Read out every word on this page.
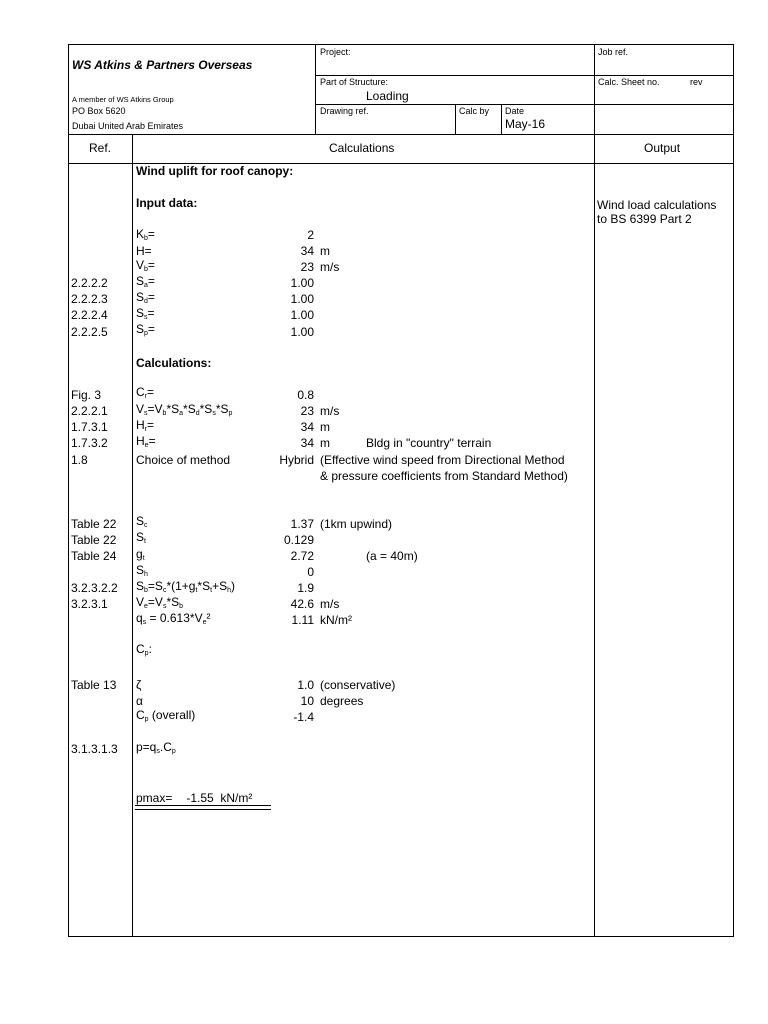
WS Atkins & Partners Overseas
A member of WS Atkins Group
PO Box 5620
Dubai United Arab Emirates
Project:	Job ref.
Part of Structure:
Loading
Calc. Sheet no.	rev
Drawing ref.	Calc by Date
May-16
Ref.	Calculations	Output
Wind uplift for roof canopy:
Input data:	Wind load calculations
to BS 6399 Part 2
$K_b=$	2
H=	34 m
$V_b=$	23 m/s
2.2.2.2 $S_a=$	1.00
2.2.2.3 $S_d=$	1.00
2.2.2.4 $S_s=$	1.00
2.2.2.5 $S_p=$	1.00
Calculations:
Fig. 3	$C_r=$	0.8
2.2.2.1 $V_s=V_b*S_a*S_d*S_s*S_p$	23 m/s
1.7.3.1 $H_r=$	34 m
1.7.3.2 $H_e=$	34 m	Bldg in "country" terrain
1.8	Choice of method	Hybrid (Effective wind speed from Directional Method
& pressure coefficients from Standard Method)
Table 22 $S_c$	1.37 (1km upwind)
Table 22 $S_t$	0.129
Table 24 $g_t$	2.72	(a = 40m)
$S_h$	0
3.2.3.2.2 $S_b=S_c*(1+g_t*S_t+S_h)$	1.9
3.2.3.1 $V_e=V_s*S_b$	42.6 m/s
$q_s = 0.613*V_e^2$	1.11 kN/m²
$C_p$:
Table 13 ζ	1.0 (conservative)
α	10 degrees
$C_p$ (overall)	-1.4
3.1.3.1.3 $p=q_s.C_p$
pmax= -1.55 kN/m²
